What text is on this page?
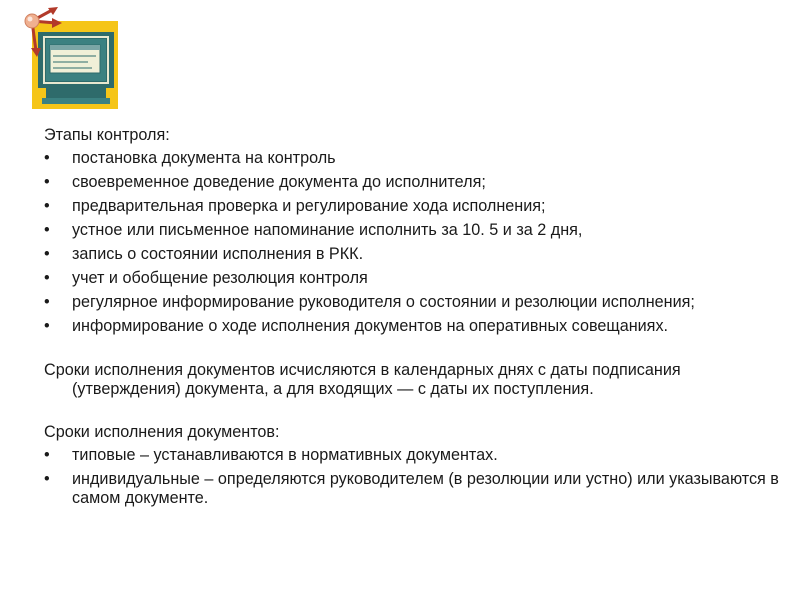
Этапы контроля:
• постановка документа на контроль
• своевременное доведение документа до исполнителя;
• предварительная проверка и регулирование хода исполнения;
• устное или письменное напоминание исполнить за 10. 5 и за 2 дня,
• запись о состоянии исполнения в РКК.
• учет и обобщение резолюция контроля
• регулярное информирование руководителя о состоянии и резолюции исполнения;
• информирование о ходе исполнения документов на оперативных совещаниях.
Сроки исполнения документов исчисляются в календарных днях с даты подписания (утверждения) документа, а для входящих — с даты их поступления.
Сроки исполнения документов:
• типовые – устанавливаются в нормативных документах.
• индивидуальные – определяются руководителем (в резолюции или устно) или указываются в самом документе.
